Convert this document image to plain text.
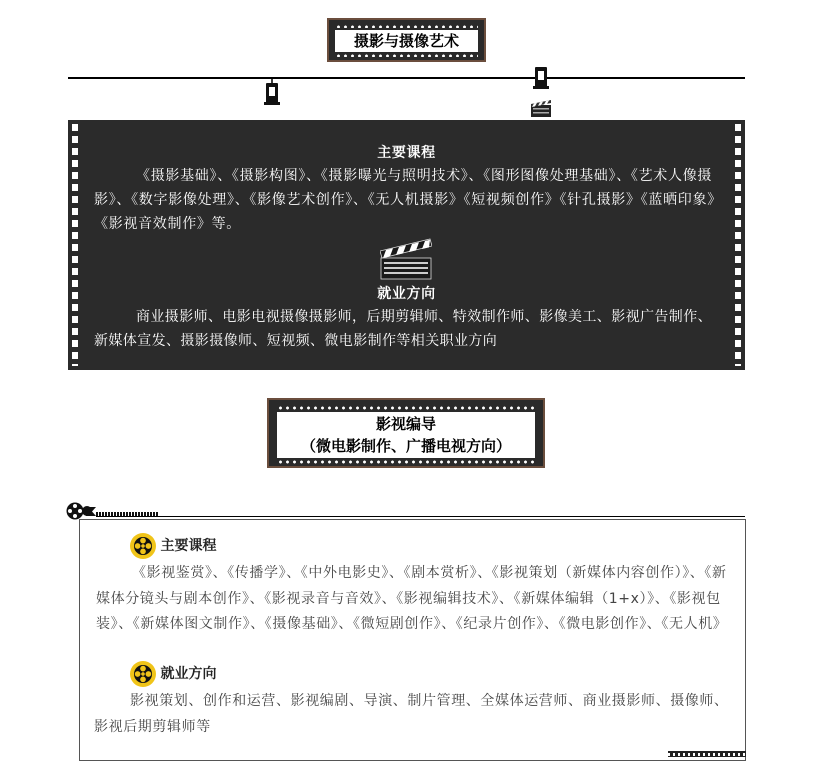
摄影与摄像艺术
主要课程
《摄影基础》、《摄影构图》、《摄影曝光与照明技术》、《图形图像处理基础》、《艺术人像摄影》、《数字影像处理》、《影像艺术创作》、《无人机摄影》《短视频创作》《针孔摄影》《蓝晒印象》《影视音效制作》等。
就业方向
商业摄影师、电影电视摄像摄影师，后期剪辑师、特效制作师、影像美工、影视广告制作、新媒体宣发、摄影摄像师、短视频、微电影制作等相关职业方向
影视编导
（微电影制作、广播电视方向）
主要课程
《影视鉴赏》、《传播学》、《中外电影史》、《剧本赏析》、《影视策划（新媒体内容创作）》、《新媒体分镜头与剧本创作》、《影视录音与音效》、《影视编辑技术》、《新媒体编辑（1+x）》、《影视包装》、《新媒体图文制作》、《摄像基础》、《微短剧创作》、《纪录片创作》、《微电影创作》、《无人机》
就业方向
影视策划、创作和运营、影视编剧、导演、制片管理、全媒体运营师、商业摄影师、摄像师、影视后期剪辑师等
